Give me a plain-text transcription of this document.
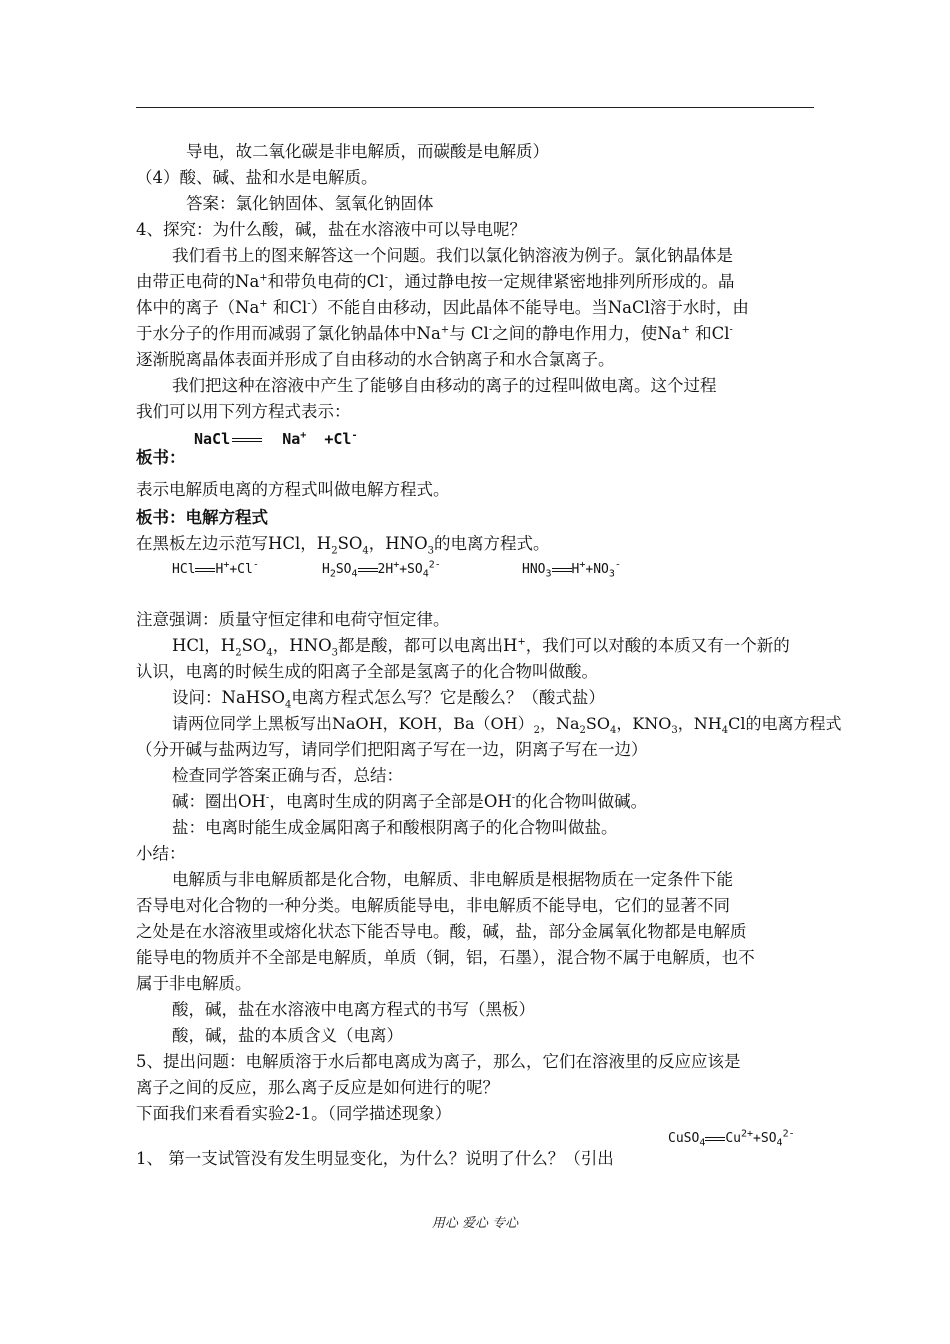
导电，故二氧化碳是非电解质，而碳酸是电解质）
（4）酸、碱、盐和水是电解质。
答案：氯化钠固体、氢氧化钠固体
4、探究：为什么酸，碱，盐在水溶液中可以导电呢？
我们看书上的图来解答这一个问题。我们以氯化钠溶液为例子。氯化钠晶体是
由带正电荷的Na+和带负电荷的Cl-，通过静电按一定规律紧密地排列所形成的。晶
体中的离子（Na+ 和Cl-）不能自由移动，因此晶体不能导电。当NaCl溶于水时，由
于水分子的作用而减弱了氯化钠晶体中Na+与 Cl-之间的静电作用力，使Na+ 和Cl-
逐渐脱离晶体表面并形成了自由移动的水合钠离子和水合氯离子。
我们把这种在溶液中产生了能够自由移动的离子的过程叫做电离。这个过程
我们可以用下列方程式表示：
板书：
NaCl	Na+ +Cl-
表示电解质电离的方程式叫做电解方程式。
板书：电解方程式
在黑板左边示范写HCl，$H_2SO_4$，$HNO_3$的电离方程式。
HCl H++Cl-	$H_2SO_4$ $2H^++SO_4^{2-}$	$HNO_3$ $H^++NO_3^-$
注意强调：质量守恒定律和电荷守恒定律。
HCl，$H_2SO_4$，$HNO_3$都是酸，都可以电离出H+，我们可以对酸的本质又有一个新的
认识，电离的时候生成的阳离子全部是氢离子的化合物叫做酸。
设问：NaHSO$_4$电离方程式怎么写？它是酸么？（酸式盐）
请两位同学上黑板写出NaOH，KOH，$Ba(OH)_2$，$Na_2SO_4$，$KNO_3$，$NH_4Cl$的电离方程式
（分开碱与盐两边写，请同学们把阳离子写在一边，阴离子写在一边）
检查同学答案正确与否，总结：
碱：圈出OH-，电离时生成的阴离子全部是OH-的化合物叫做碱。
盐：电离时能生成金属阳离子和酸根阴离子的化合物叫做盐。
小结：
电解质与非电解质都是化合物，电解质、非电解质是根据物质在一定条件下能
否导电对化合物的一种分类。电解质能导电，非电解质不能导电，它们的显著不同
之处是在水溶液里或熔化状态下能否导电。酸，碱，盐，部分金属氧化物都是电解质
能导电的物质并不全部是电解质，单质（铜，铝，石墨），混合物不属于电解质，也不
属于非电解质。
酸，碱，盐在水溶液中电离方程式的书写（黑板）
酸，碱，盐的本质含义（电离）
5、提出问题：电解质溶于水后都电离成为离子，那么，它们在溶液里的反应应该是
离子之间的反应，那么离子反应是如何进行的呢？
下面我们来看看实验2-1。（同学描述现象）
1、 第一支试管没有发生明显变化，为什么？说明了什么？（引出
CuSO$_4$ $Cu^{2+}+SO_4^{2-}$
用心 爱心 专心
